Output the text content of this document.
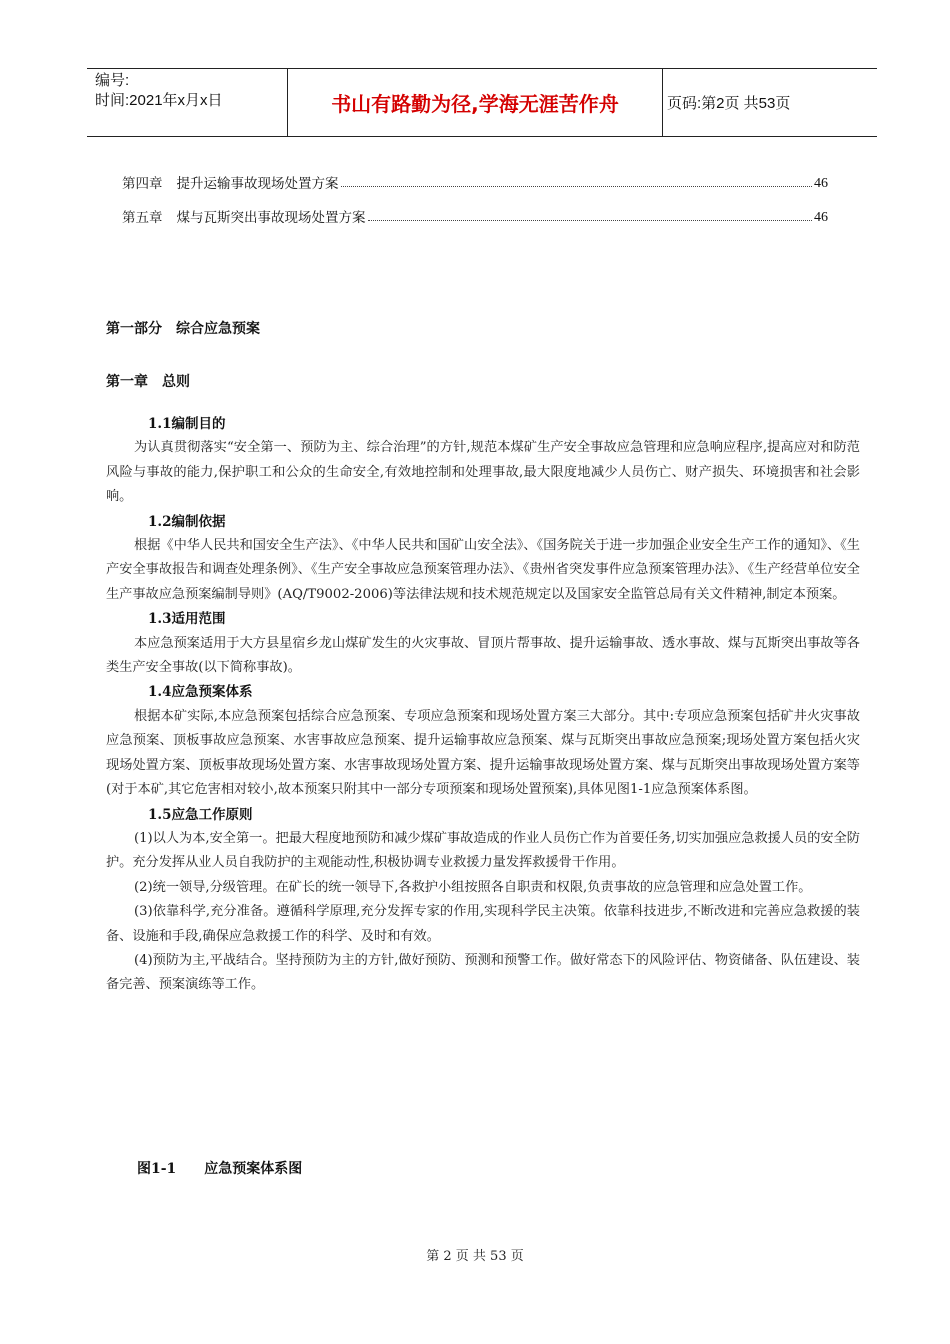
编号:
时间:2021年x月x日	书山有路勤为径,学海无涯苦作舟	页码:第2页 共53页
第四章 提升运输事故现场处置方案	46
第五章 煤与瓦斯突出事故现场处置方案	46
第一部分　综合应急预案
第一章　总则
1.1编制目的

为认真贯彻落实“安全第一、预防为主、综合治理”的方针,规范本煤矿生产安全事故应急管理和应急响应程序,提高应对和防范风险与事故的能力,保护职工和公众的生命安全,有效地控制和处理事故,最大限度地减少人员伤亡、财产损失、环境损害和社会影响。

1.2编制依据

根据《中华人民共和国安全生产法》、《中华人民共和国矿山安全法》、《国务院关于进一步加强企业安全生产工作的通知》、《生产安全事故报告和调查处理条例》、《生产安全事故应急预案管理办法》、《贵州省突发事件应急预案管理办法》、《生产经营单位安全生产事故应急预案编制导则》(AQ/T9002-2006)等法律法规和技术规范规定以及国家安全监管总局有关文件精神,制定本预案。

1.3适用范围

本应急预案适用于大方县星宿乡龙山煤矿发生的火灾事故、冒顶片帮事故、提升运输事故、透水事故、煤与瓦斯突出事故等各类生产安全事故(以下简称事故)。

1.4应急预案体系

根据本矿实际,本应急预案包括综合应急预案、专项应急预案和现场处置方案三大部分。其中:专项应急预案包括矿井火灾事故应急预案、顶板事故应急预案、水害事故应急预案、提升运输事故应急预案、煤与瓦斯突出事故应急预案;现场处置方案包括火灾现场处置方案、顶板事故现场处置方案、水害事故现场处置方案、提升运输事故现场处置方案、煤与瓦斯突出事故现场处置方案等(对于本矿,其它危害相对较小,故本预案只附其中一部分专项预案和现场处置预案),具体见图1-1应急预案体系图。

1.5应急工作原则

(1)以人为本,安全第一。把最大程度地预防和减少煤矿事故造成的作业人员伤亡作为首要任务,切实加强应急救援人员的安全防护。充分发挥从业人员自我防护的主观能动性,积极协调专业救援力量发挥救援骨干作用。

(2)统一领导,分级管理。在矿长的统一领导下,各救护小组按照各自职责和权限,负责事故的应急管理和应急处置工作。

(3)依靠科学,充分准备。遵循科学原理,充分发挥专家的作用,实现科学民主决策。依靠科技进步,不断改进和完善应急救援的装备、设施和手段,确保应急救援工作的科学、及时和有效。

(4)预防为主,平战结合。坚持预防为主的方针,做好预防、预测和预警工作。做好常态下的风险评估、物资储备、队伍建设、装备完善、预案演练等工作。

图1-1　　应急预案体系图
第 2 页 共 53 页
